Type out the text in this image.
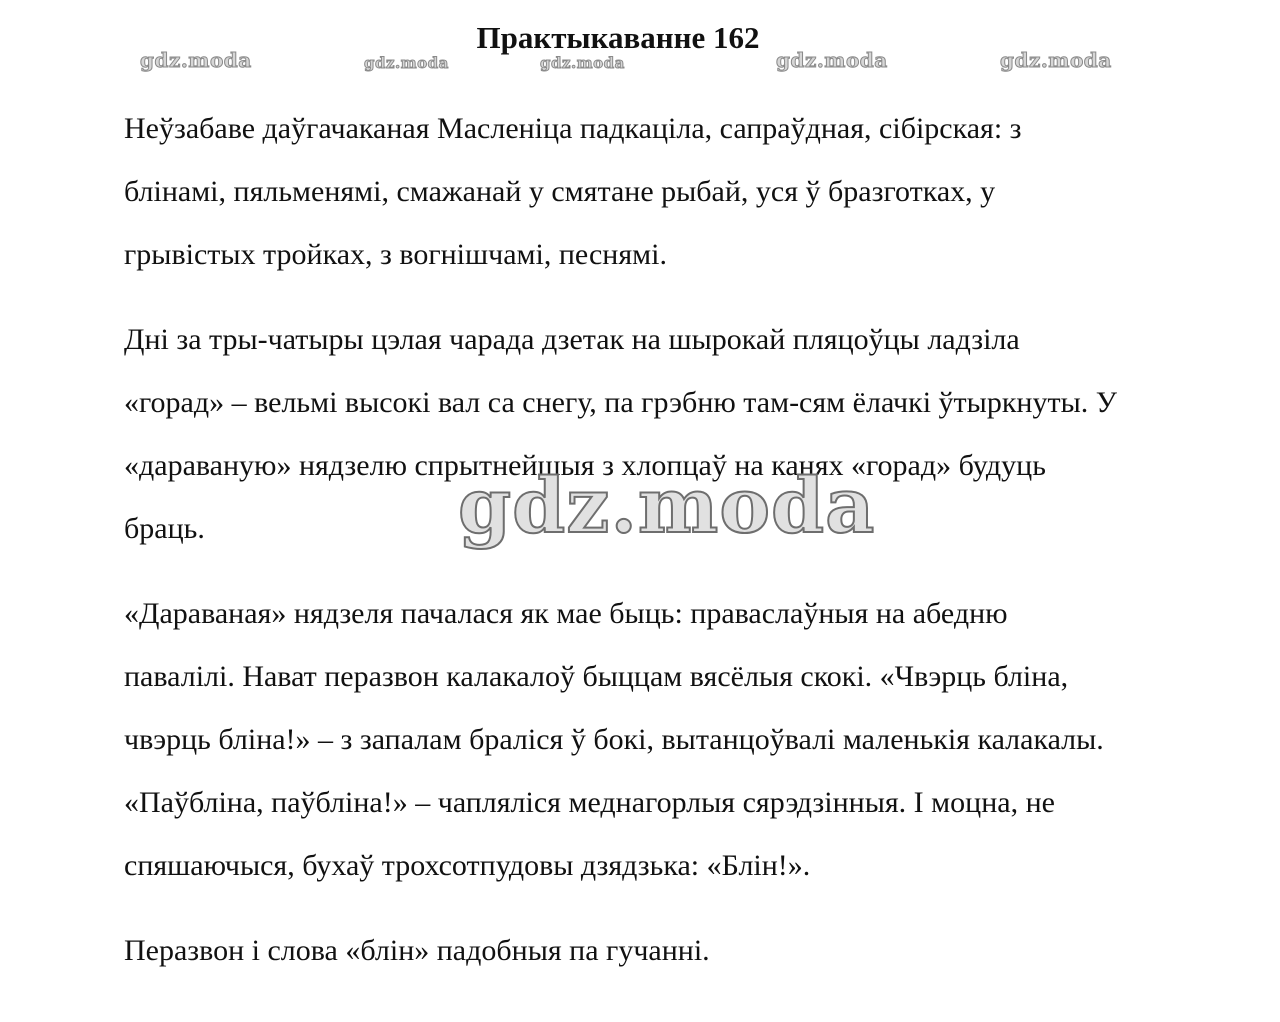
gdz.moda	gdz.moda	gdz.moda	gdz.moda	gdz.moda
Практыкаванне 162

Неўзабаве даўгачаканая Масленіца падкаціла, сапраўдная, сібірская: з
блінамі, пяльменямі, смажанай у смятане рыбай, уся ў бразготках, у
грывістых тройках, з вогнішчамі, песнямі.

Дні за тры-чатыры цэлая чарада дзетак на шырокай пляцоўцы ладзіла
«горад» – вельмі высокі вал са снегу, па грэбню там-сям ёлачкі ўтыркнуты. У
«дараваную» нядзелю спрытнейшыя з хлопцаў на канях «горад» будуць
браць.

«Дараваная» нядзеля пачалася як мае быць: праваслаўныя на абедню
павалілі. Нават перазвон калакалоў быццам вясёлыя скокі. «Чвэрць бліна,
чвэрць бліна!» – з запалам браліся ў бокі, вытанцоўвалі маленькія калакалы.
«Паўбліна, паўбліна!» – чапляліся меднагорлыя сярэдзінныя. І моцна, не
спяшаючыся, бухаў трохсотпудовы дзядзька: «Блін!».

Перазвон і слова «блін» падобныя па гучанні.

gdz.moda
